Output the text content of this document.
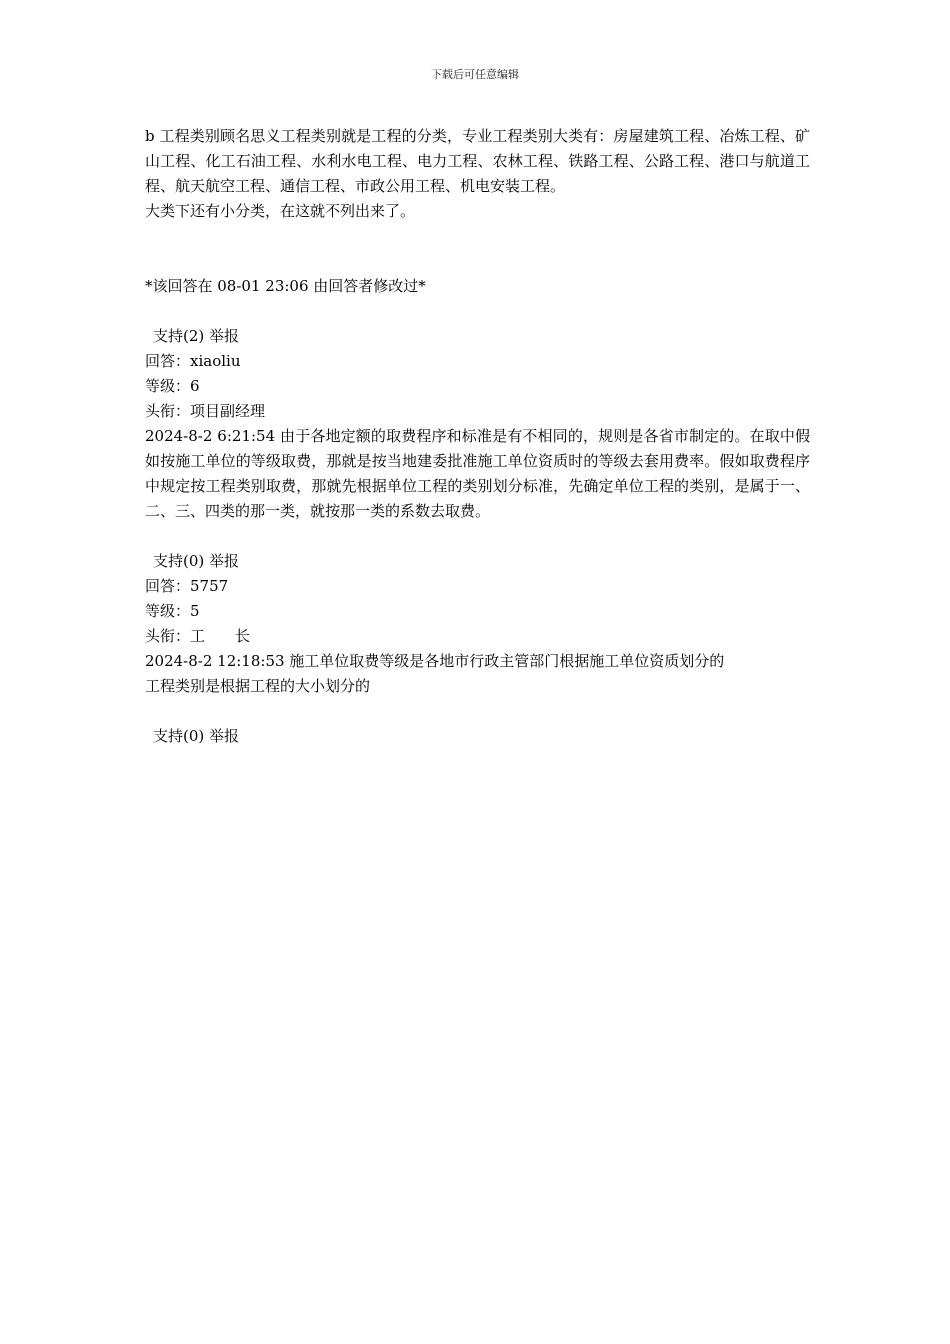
下载后可任意编辑

b 工程类别顾名思义工程类别就是工程的分类，专业工程类别大类有：房屋建筑工程、冶炼工程、矿山工程、化工石油工程、水利水电工程、电力工程、农林工程、铁路工程、公路工程、港口与航道工程、航天航空工程、通信工程、市政公用工程、机电安装工程。

大类下还有小分类，在这就不列出来了。

*该回答在 08-01 23:06 由回答者修改过*

支持(2) 举报

回答：xiaoliu

等级：6

头衔：项目副经理

2024-8-2 6:21:54 由于各地定额的取费程序和标准是有不相同的，规则是各省市制定的。在取中假如按施工单位的等级取费，那就是按当地建委批准施工单位资质时的等级去套用费率。假如取费程序中规定按工程类别取费，那就先根据单位工程的类别划分标准，先确定单位工程的类别，是属于一、二、三、四类的那一类，就按那一类的系数去取费。

支持(0) 举报

回答：5757

等级：5

头衔：工　　长

2024-8-2 12:18:53 施工单位取费等级是各地市行政主管部门根据施工单位资质划分的

工程类别是根据工程的大小划分的

支持(0) 举报
